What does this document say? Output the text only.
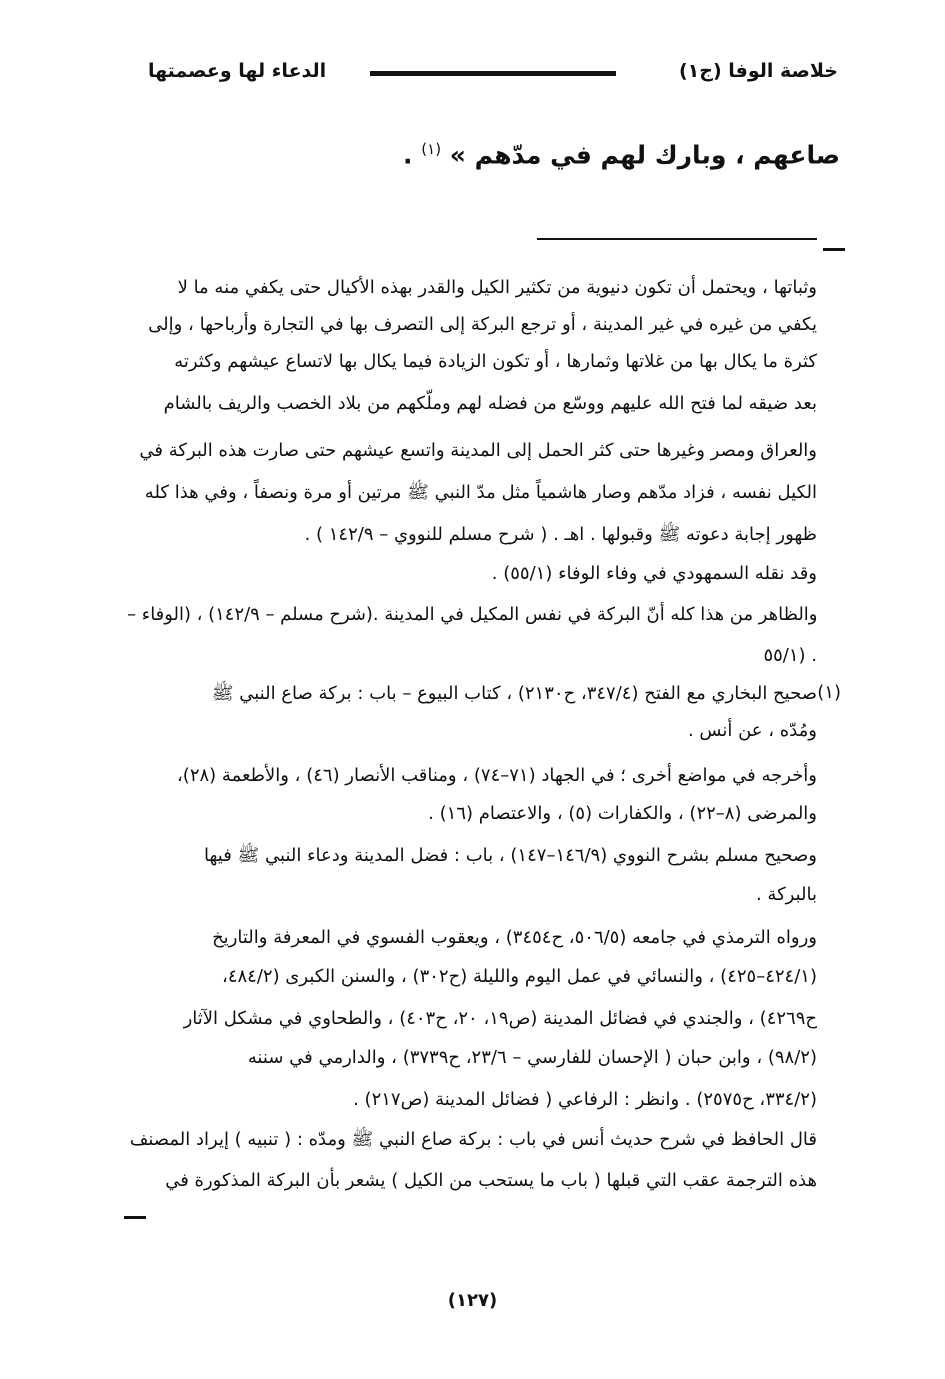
خلاصة الوفا (ج١)
الدعاء لها وعصمتها
صاعهم ، وبارك لهم في مدّهم » $^{(١)}$ .
وثباتها ، ويحتمل أن تكون دنيوية من تكثير الكيل والقدر بهذه الأكيال حتى يكفي منه ما لا
يكفي من غيره في غير المدينة ، أو ترجع البركة إلى التصرف بها في التجارة وأرباحها ، وإلى
كثرة ما يكال بها من غلاتها وثمارها ، أو تكون الزيادة فيما يكال بها لاتساع عيشهم وكثرته
بعد ضيقه لما فتح الله عليهم ووسّع من فضله لهم وملّكهم من بلاد الخصب والريف بالشام
والعراق ومصر وغيرها حتى كثر الحمل إلى المدينة واتسع عيشهم حتى صارت هذه البركة في
الكيل نفسه ، فزاد مدّهم وصار هاشمياً مثل مدّ النبي ﷺ مرتين أو مرة ونصفاً ، وفي هذا كله
ظهور إجابة دعوته ﷺ وقبولها . اهـ . ( شرح مسلم للنووي – ١٤٢/٩ ) .
وقد نقله السمهودي في وفاء الوفاء (٥٥/١) .
والظاهر من هذا كله أنّ البركة في نفس المكيل في المدينة .(شرح مسلم – ١٤٢/٩) ، (الوفاء –
. (٥٥/١
(١)
صحيح البخاري مع الفتح (٣٤٧/٤، ح٢١٣٠) ، كتاب البيوع – باب : بركة صاع النبي ﷺ
ومُدّه ، عن أنس .
وأخرجه في مواضع أخرى ؛ في الجهاد (٧١–٧٤) ، ومناقب الأنصار (٤٦) ، والأطعمة (٢٨)،
والمرضى (٨–٢٢) ، والكفارات (٥) ، والاعتصام (١٦) .
وصحيح مسلم بشرح النووي (١٤٦/٩–١٤٧) ، باب : فضل المدينة ودعاء النبي ﷺ فيها
بالبركة .
ورواه الترمذي في جامعه (٥٠٦/٥، ح٣٤٥٤) ، ويعقوب الفسوي في المعرفة والتاريخ
(٤٢٤/١–٤٢٥) ، والنسائي في عمل اليوم والليلة (ح٣٠٢) ، والسنن الكبرى (٤٨٤/٢،
ح٤٢٦٩) ، والجندي في فضائل المدينة (ص١٩، ٢٠، ح٤٠٣) ، والطحاوي في مشكل الآثار
(٩٨/٢) ، وابن حبان ( الإحسان للفارسي – ٢٣/٦، ح٣٧٣٩) ، والدارمي في سننه
(٣٣٤/٢، ح٢٥٧٥) . وانظر : الرفاعي ( فضائل المدينة (ص٢١٧) .
قال الحافظ في شرح حديث أنس في باب : بركة صاع النبي ﷺ ومدّه : ( تنبيه ) إيراد المصنف
هذه الترجمة عقب التي قبلها ( باب ما يستحب من الكيل ) يشعر بأن البركة المذكورة في
(١٢٧)
